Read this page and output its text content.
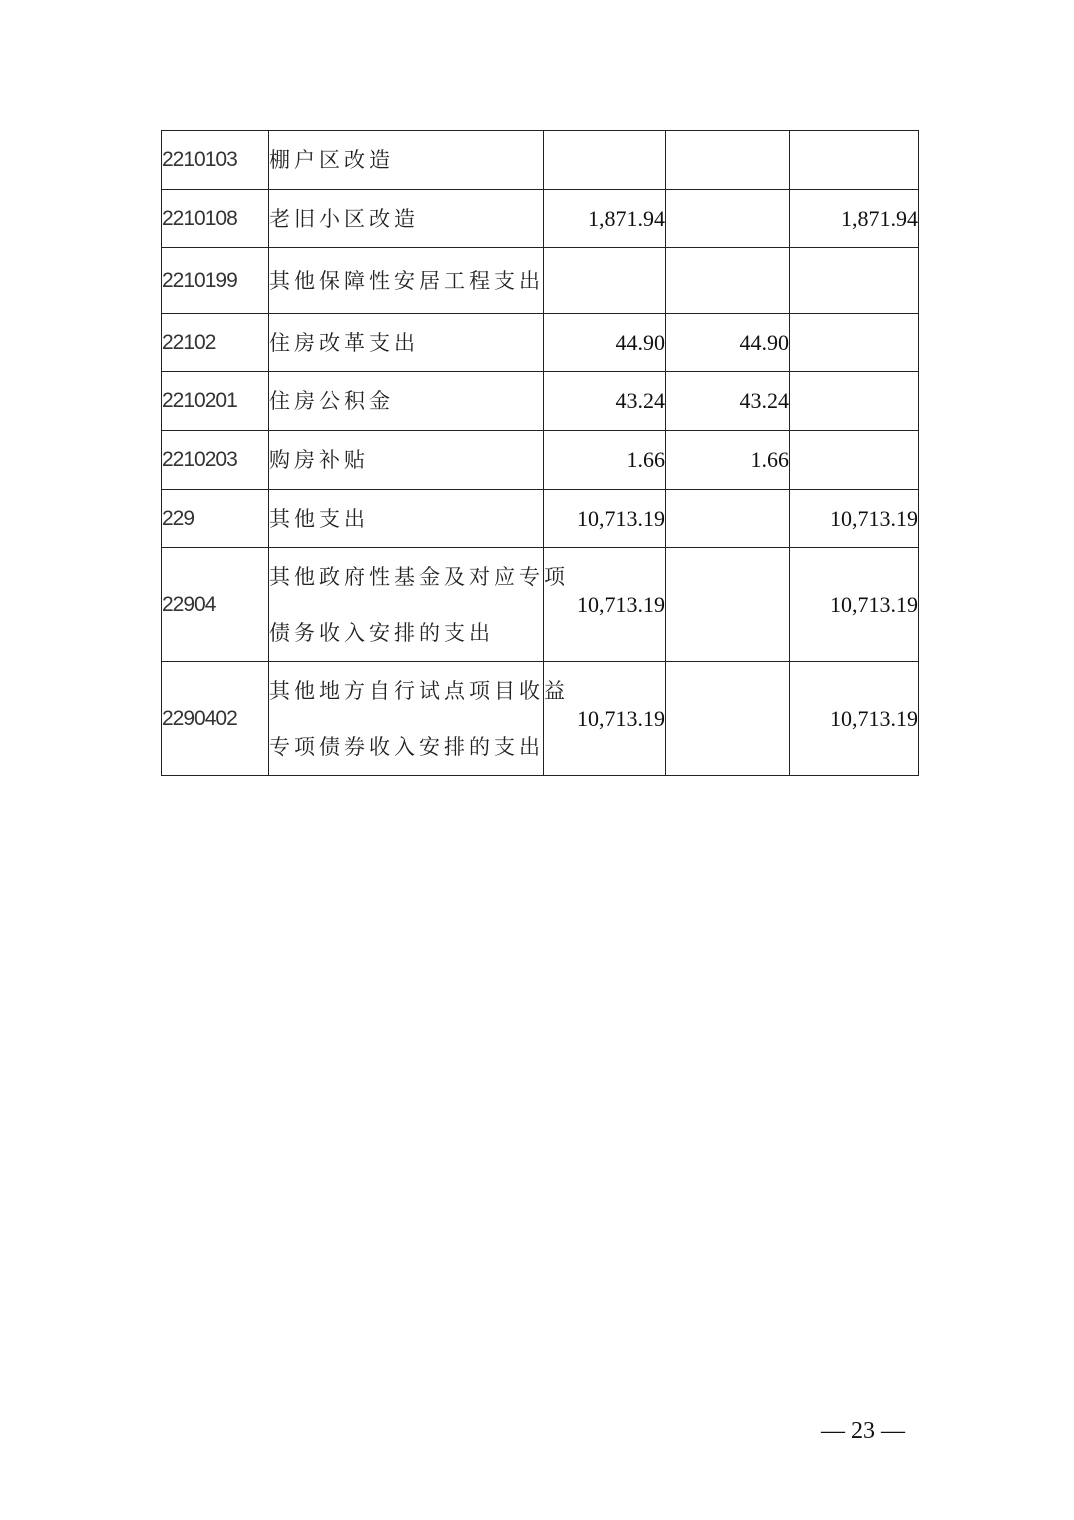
2210103	棚户区改造			

2210108	老旧小区改造	1,871.94		1,871.94
2210199	其他保障性安居工程支出			

22102	住房改革支出	44.90	44.90	
2210201	住房公积金	43.24	43.24	
2210203	购房补贴	1.66	1.66	
229	其他支出	10,713.19		10,713.19
22904	其他政府性基金及对应专项
债务收入安排的支出	10,713.19		10,713.19
2290402	其他地方自行试点项目收益
专项债券收入安排的支出	10,713.19		10,713.19
— 23 —
